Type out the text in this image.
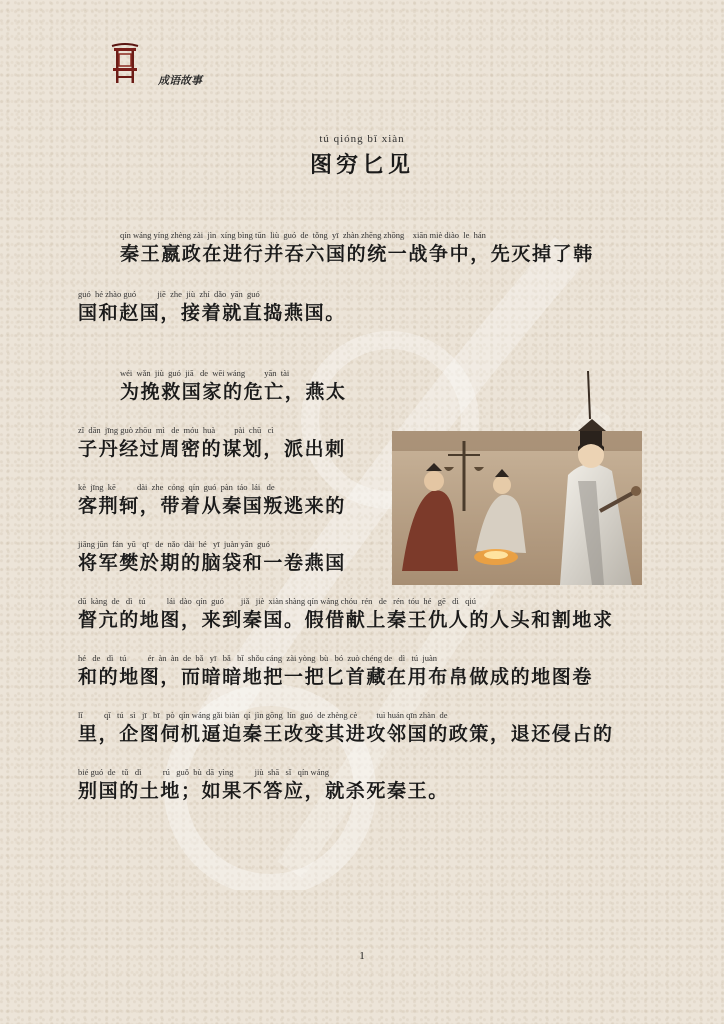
成语故事
tú qióng bǐ xiàn
图穷匕见
qín wáng yíng zhèng zài  jìn  xíng bìng tūn  liù  guó  de  tǒng  yī  zhàn zhēng zhōng    xiān miè diào  le  hán
秦王嬴政在进行并吞六国的统一战争中，先灭掉了韩
guó  hé zhào guó          jiē  zhe  jiù  zhí  dǎo  yān  guó
国和赵国，接着就直捣燕国。
wéi  wǎn  jiù  guó  jiā   de  wēi wáng         yān  tài
为挽救国家的危亡，燕太
zǐ  dān  jīng guò zhōu  mì   de  móu  huà         pài  chū   cì
子丹经过周密的谋划，派出刺
kè  jīng  kē          dài  zhe  cóng  qín  guó  pàn  táo  lái   de
客荆轲，带着从秦国叛逃来的
jiāng jūn  fán  yū   qī   de  nǎo  dài  hé   yī  juàn yān  guó
将军樊於期的脑袋和一卷燕国
dū  kàng  de   dì   tú          lái  dào  qín  guó        jiǎ   jiè  xiàn shàng qín wáng chóu  rén   de   rén  tóu  hé   gē   dì   qiú
督亢的地图，来到秦国。假借献上秦王仇人的人头和割地求
hé   de   dì   tú          ér  àn  àn  de  bǎ   yī   bǎ   bǐ  shǒu cáng  zài yòng  bù   bó  zuò chéng de   dì   tú  juàn
和的地图，而暗暗地把一把匕首藏在用布帛做成的地图卷
lǐ          qǐ   tú   sì   jī   bī   pò  qín wáng gǎi biàn  qí  jìn gōng  lín  guó  de zhèng cè         tuì huán qīn zhàn  de
里，企图伺机逼迫秦王改变其进攻邻国的政策，退还侵占的
bié guó  de   tǔ   dì          rú   guǒ  bù  dā  yìng          jiù  shā   sǐ   qín wáng
别国的土地；如果不答应，就杀死秦王。
1
